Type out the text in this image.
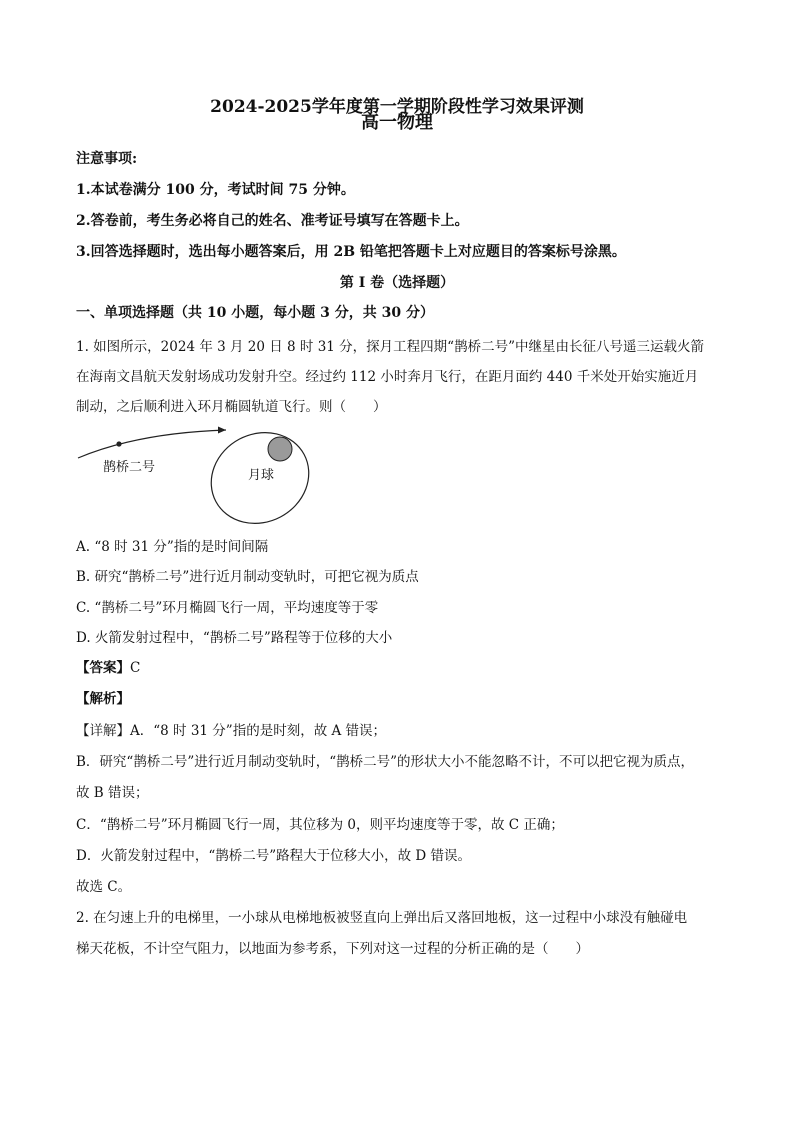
2024-2025学年度第一学期阶段性学习效果评测
高一物理
注意事项:
1.本试卷满分 100 分，考试时间 75 分钟。
2.答卷前，考生务必将自己的姓名、准考证号填写在答题卡上。
3.回答选择题时，选出每小题答案后，用 2B 铅笔把答题卡上对应题目的答案标号涂黑。
第 I 卷（选择题）
一、单项选择题（共 10 小题，每小题 3 分，共 30 分）
1. 如图所示，2024 年 3 月 20 日 8 时 31 分，探月工程四期“鹊桥二号”中继星由长征八号遥三运载火箭
在海南文昌航天发射场成功发射升空。经过约 112 小时奔月飞行，在距月面约 440 千米处开始实施近月
制动，之后顺利进入环月椭圆轨道飞行。则（　　）
鹊桥二号
月球
A. “8 时 31 分”指的是时间间隔
B. 研究“鹊桥二号”进行近月制动变轨时，可把它视为质点
C. “鹊桥二号”环月椭圆飞行一周，平均速度等于零
D. 火箭发射过程中，“鹊桥二号”路程等于位移的大小
【答案】C
【解析】
【详解】A．“8 时 31 分”指的是时刻，故 A 错误；
B．研究“鹊桥二号”进行近月制动变轨时，“鹊桥二号”的形状大小不能忽略不计，不可以把它视为质点，
故 B 错误；
C．“鹊桥二号”环月椭圆飞行一周，其位移为 0，则平均速度等于零，故 C 正确；
D．火箭发射过程中，“鹊桥二号”路程大于位移大小，故 D 错误。
故选 C。
2. 在匀速上升的电梯里，一小球从电梯地板被竖直向上弹出后又落回地板，这一过程中小球没有触碰电
梯天花板，不计空气阻力，以地面为参考系，下列对这一过程的分析正确的是（　　）
